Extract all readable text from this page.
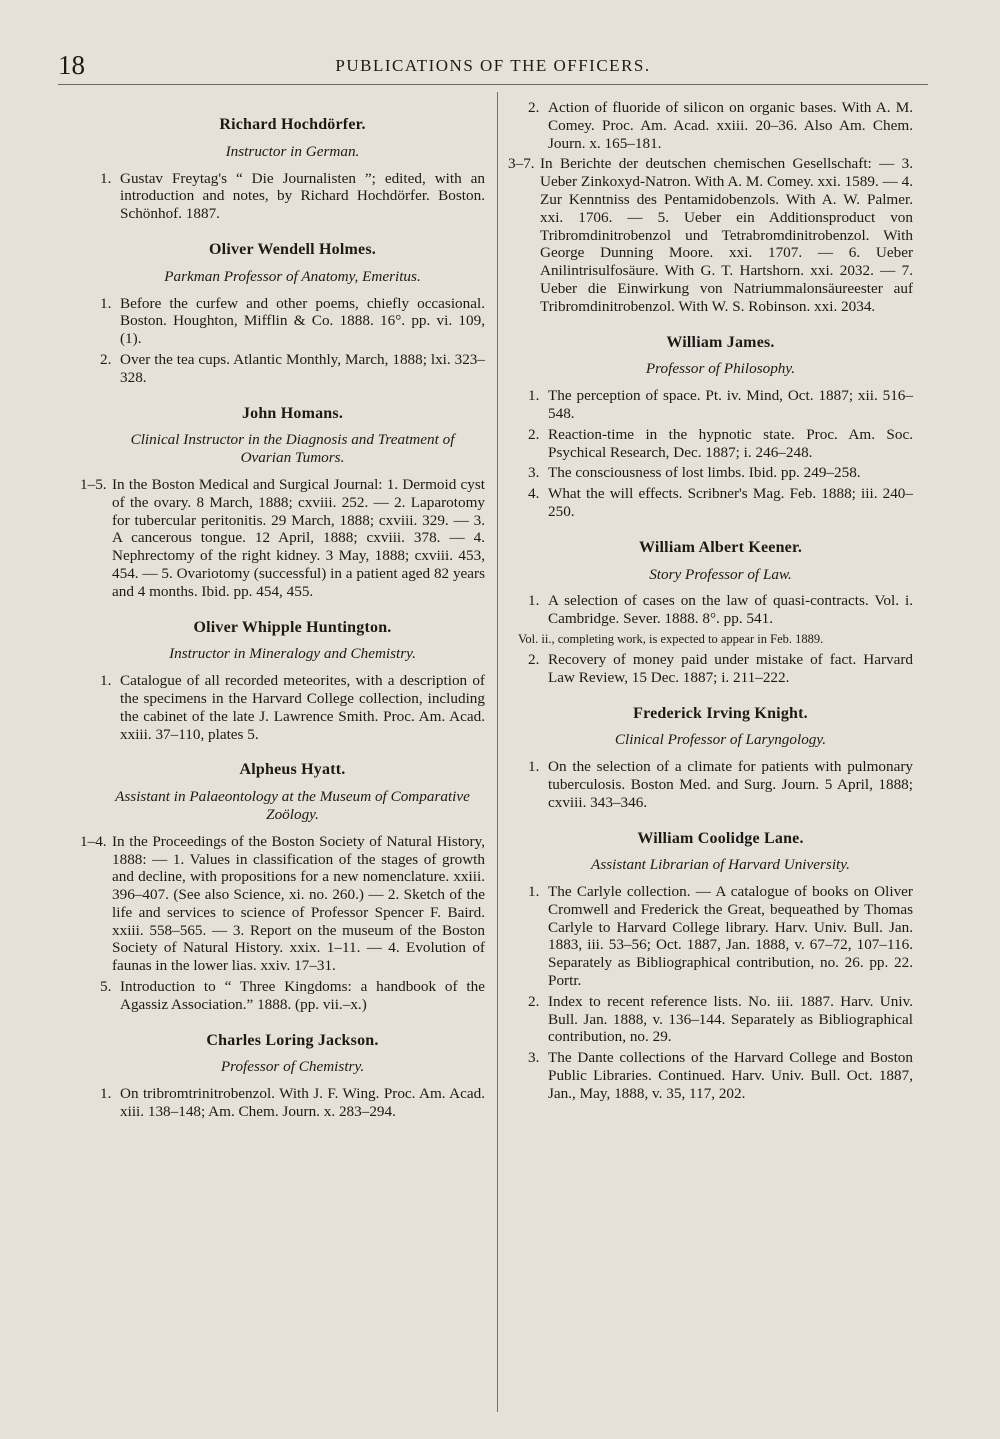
18	PUBLICATIONS OF THE OFFICERS.
Richard Hochdörfer.
Instructor in German.
1. Gustav Freytag's “ Die Journalisten ”; edited, with an introduction and notes, by Richard Hochdörfer. Boston. Schönhof. 1887.
Oliver Wendell Holmes.
Parkman Professor of Anatomy, Emeritus.
1. Before the curfew and other poems, chiefly occasional. Boston. Houghton, Mifflin & Co. 1888. 16°. pp. vi. 109, (1).
2. Over the tea cups. Atlantic Monthly, March, 1888; lxi. 323–328.
John Homans.
Clinical Instructor in the Diagnosis and Treatment of Ovarian Tumors.
1–5. In the Boston Medical and Surgical Journal: 1. Dermoid cyst of the ovary. 8 March, 1888; cxviii. 252. — 2. Laparotomy for tubercular peritonitis. 29 March, 1888; cxviii. 329. — 3. A cancerous tongue. 12 April, 1888; cxviii. 378. — 4. Nephrectomy of the right kidney. 3 May, 1888; cxviii. 453, 454. — 5. Ovariotomy (successful) in a patient aged 82 years and 4 months. Ibid. pp. 454, 455.
Oliver Whipple Huntington.
Instructor in Mineralogy and Chemistry.
1. Catalogue of all recorded meteorites, with a description of the specimens in the Harvard College collection, including the cabinet of the late J. Lawrence Smith. Proc. Am. Acad. xxiii. 37–110, plates 5.
Alpheus Hyatt.
Assistant in Palaeontology at the Museum of Comparative Zoölogy.
1–4. In the Proceedings of the Boston Society of Natural History, 1888: — 1. Values in classification of the stages of growth and decline, with propositions for a new nomenclature. xxiii. 396–407. (See also Science, xi. no. 260.) — 2. Sketch of the life and services to science of Professor Spencer F. Baird. xxiii. 558–565. — 3. Report on the museum of the Boston Society of Natural History. xxix. 1–11. — 4. Evolution of faunas in the lower lias. xxiv. 17–31.
5. Introduction to “ Three Kingdoms: a handbook of the Agassiz Association.” 1888. (pp. vii.–x.)
Charles Loring Jackson.
Professor of Chemistry.
1. On tribromtrinitrobenzol. With J. F. Wing. Proc. Am. Acad. xiii. 138–148; Am. Chem. Journ. x. 283–294.
2. Action of fluoride of silicon on organic bases. With A. M. Comey. Proc. Am. Acad. xxiii. 20–36. Also Am. Chem. Journ. x. 165–181.
3–7. In Berichte der deutschen chemischen Gesellschaft: — 3. Ueber Zinkoxyd-Natron. With A. M. Comey. xxi. 1589. — 4. Zur Kenntniss des Pentamidobenzols. With A. W. Palmer. xxi. 1706. — 5. Ueber ein Additionsproduct von Tribromdinitrobenzol und Tetrabromdinitrobenzol. With George Dunning Moore. xxi. 1707. — 6. Ueber Anilintrisulfosäure. With G. T. Hartshorn. xxi. 2032. — 7. Ueber die Einwirkung von Natriummalonsäureester auf Tribromdinitrobenzol. With W. S. Robinson. xxi. 2034.
William James.
Professor of Philosophy.
1. The perception of space. Pt. iv. Mind, Oct. 1887; xii. 516–548.
2. Reaction-time in the hypnotic state. Proc. Am. Soc. Psychical Research, Dec. 1887; i. 246–248.
3. The consciousness of lost limbs. Ibid. pp. 249–258.
4. What the will effects. Scribner's Mag. Feb. 1888; iii. 240–250.
William Albert Keener.
Story Professor of Law.
1. A selection of cases on the law of quasi-contracts. Vol. i. Cambridge. Sever. 1888. 8°. pp. 541.
Vol. ii., completing work, is expected to appear in Feb. 1889.
2. Recovery of money paid under mistake of fact. Harvard Law Review, 15 Dec. 1887; i. 211–222.
Frederick Irving Knight.
Clinical Professor of Laryngology.
1. On the selection of a climate for patients with pulmonary tuberculosis. Boston Med. and Surg. Journ. 5 April, 1888; cxviii. 343–346.
William Coolidge Lane.
Assistant Librarian of Harvard University.
1. The Carlyle collection. — A catalogue of books on Oliver Cromwell and Frederick the Great, bequeathed by Thomas Carlyle to Harvard College library. Harv. Univ. Bull. Jan. 1883, iii. 53–56; Oct. 1887, Jan. 1888, v. 67–72, 107–116. Separately as Bibliographical contribution, no. 26. pp. 22. Portr.
2. Index to recent reference lists. No. iii. 1887. Harv. Univ. Bull. Jan. 1888, v. 136–144. Separately as Bibliographical contribution, no. 29.
3. The Dante collections of the Harvard College and Boston Public Libraries. Continued. Harv. Univ. Bull. Oct. 1887, Jan., May, 1888, v. 35, 117, 202.
